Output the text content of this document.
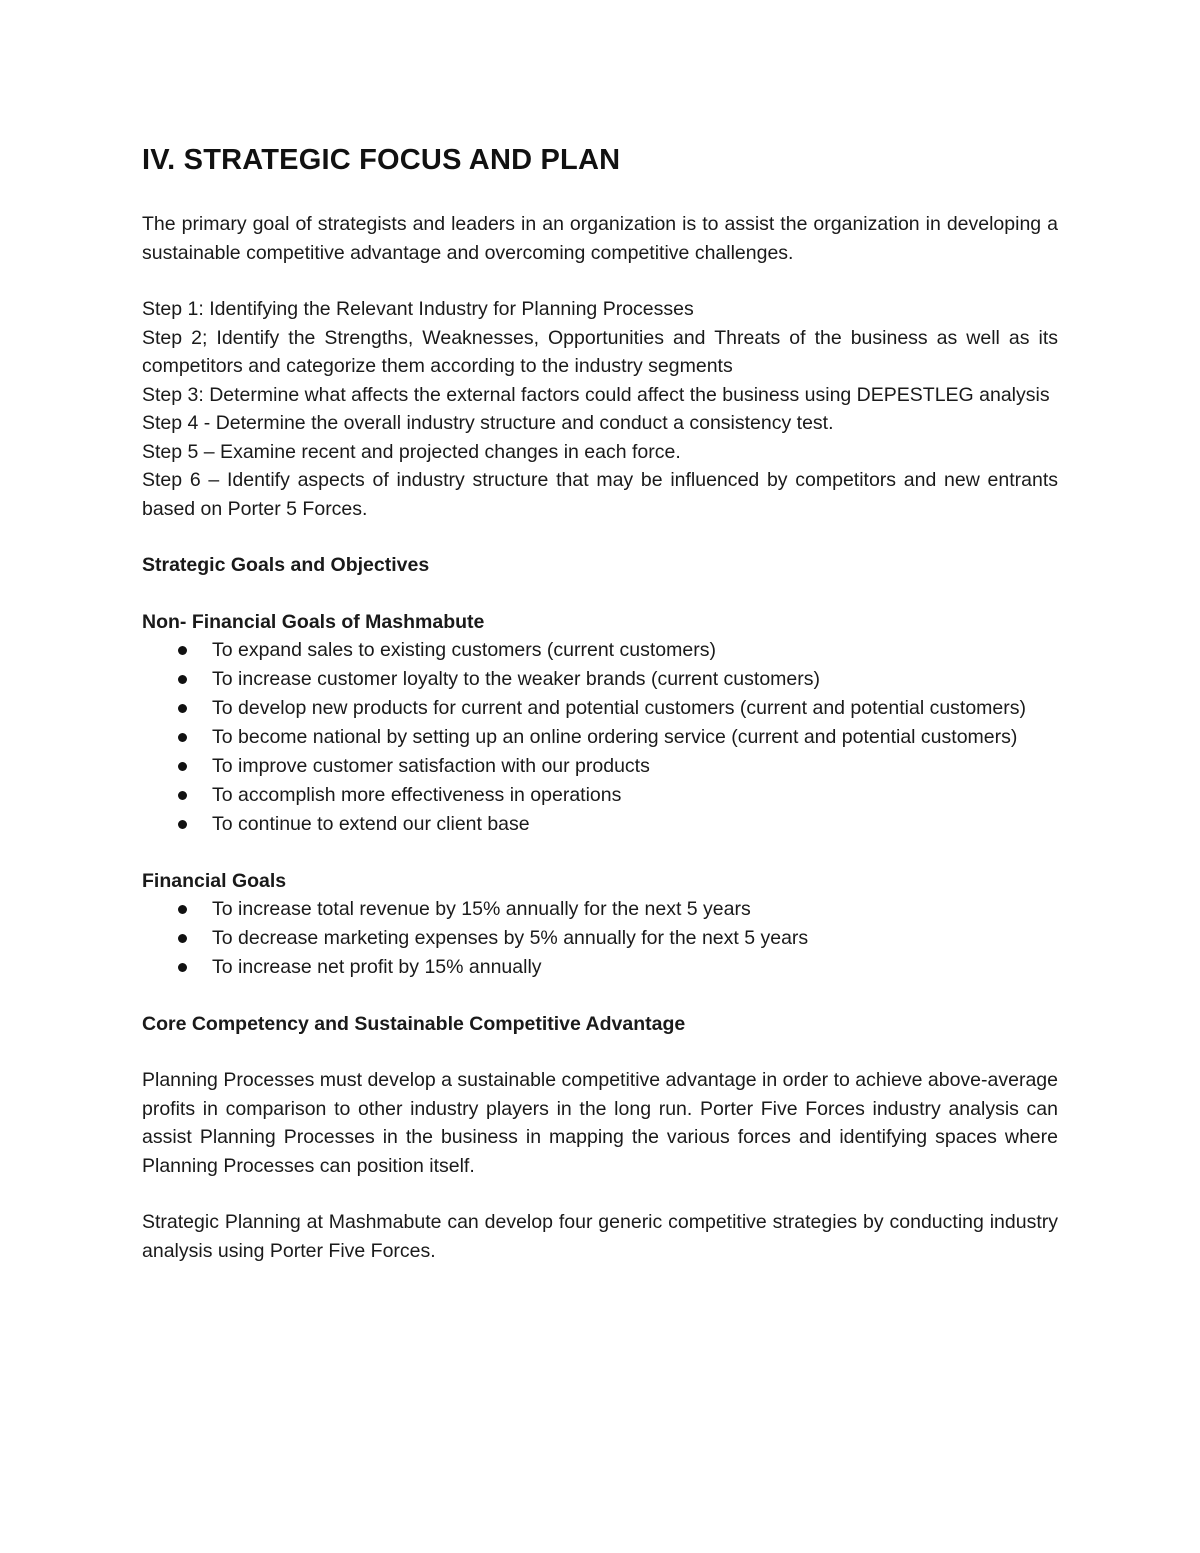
IV. STRATEGIC FOCUS AND PLAN

The primary goal of strategists and leaders in an organization is to assist the organization in developing a sustainable competitive advantage and overcoming competitive challenges.

Step 1: Identifying the Relevant Industry for Planning Processes

Step 2; Identify the Strengths, Weaknesses, Opportunities and Threats of the business as well as its competitors and categorize them according to the industry segments

Step 3: Determine what affects the external factors could affect the business using DEPESTLEG analysis

Step 4 - Determine the overall industry structure and conduct a consistency test.

Step 5 – Examine recent and projected changes in each force.

Step 6 – Identify aspects of industry structure that may be influenced by competitors and new entrants based on Porter 5 Forces.

Strategic Goals and Objectives

Non- Financial Goals of Mashmabute

To expand sales to existing customers (current customers)
To increase customer loyalty to the weaker brands (current customers)
To develop new products for current and potential customers (current and potential customers)
To become national by setting up an online ordering service (current and potential customers)
To improve customer satisfaction with our products
To accomplish more effectiveness in operations
To continue to extend our client base

Financial Goals

To increase total revenue by 15% annually for the next 5 years
To decrease marketing expenses by 5% annually for the next 5 years
To increase net profit by 15% annually

Core Competency and Sustainable Competitive Advantage

Planning Processes must develop a sustainable competitive advantage in order to achieve above-average profits in comparison to other industry players in the long run. Porter Five Forces industry analysis can assist Planning Processes in the business in mapping the various forces and identifying spaces where Planning Processes can position itself.

Strategic Planning at Mashmabute can develop four generic competitive strategies by conducting industry analysis using Porter Five Forces.
